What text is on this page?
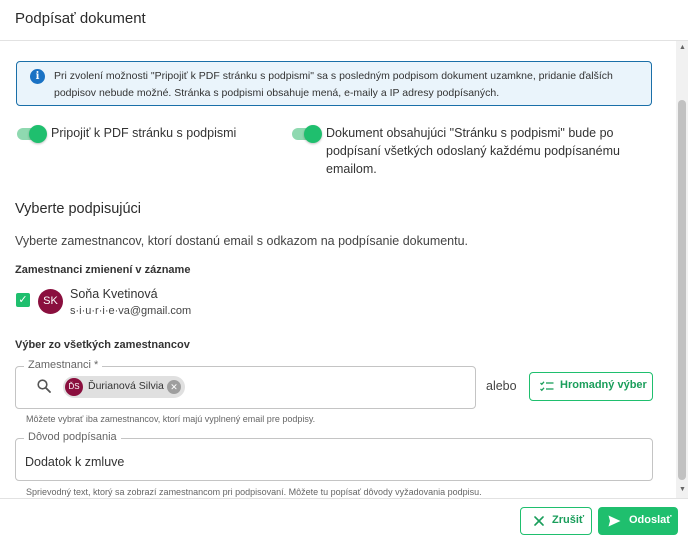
Podpísať dokument
i	Pri zvolení možnosti "Pripojiť k PDF stránku s podpismi" sa s posledným podpisom dokument uzamkne, pridanie ďalších podpisov nebude možné. Stránka s podpismi obsahuje mená, e-maily a IP adresy podpísaných.
Pripojiť k PDF stránku s podpismi	Dokument obsahujúci "Stránku s podpismi" bude po podpísaní všetkých odoslaný každému podpísanému emailom.
Vyberte podpisujúci
Vyberte zamestnancov, ktorí dostanú email s odkazom na podpísanie dokumentu.
Zamestnanci zmienení v zázname
✓	SK Soňa Kvetinová
s·i·u·r·i·e·va@gmail.com
Výber zo všetkých zamestnancov
Zamestnanci *
ĎS Ďurianová Silvia ✕
Môžete vybrať iba zamestnancov, ktorí majú vyplnený email pre podpisy.
alebo	Hromadný výber
Dôvod podpísania
Dodatok k zmluve
Sprievodný text, ktorý sa zobrazí zamestnancom pri podpisovaní. Môžete tu popísať dôvody vyžadovania podpisu.
▲
▼
Zrušiť	Odoslať
